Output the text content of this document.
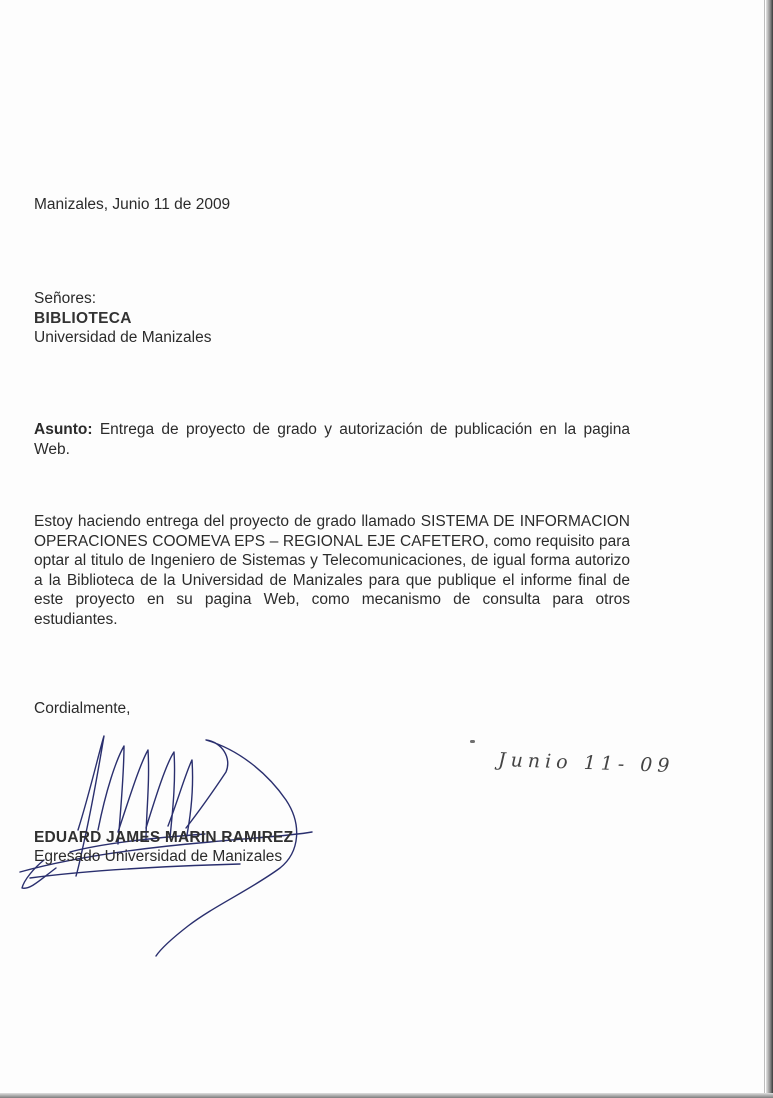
Manizales, Junio 11 de 2009

Señores:
BIBLIOTECA
Universidad de Manizales

Asunto: Entrega de proyecto de grado y autorización de publicación en la pagina Web.

Estoy haciendo entrega del proyecto de grado llamado SISTEMA DE INFORMACION OPERACIONES COOMEVA EPS – REGIONAL EJE CAFETERO, como requisito para optar al titulo de Ingeniero de Sistemas y Telecomunicaciones, de igual forma autorizo a la Biblioteca de la Universidad de Manizales para que publique el informe final de este proyecto en su pagina Web, como mecanismo de consulta para otros estudiantes.

Cordialmente,

EDUARD JAMES MARIN RAMIREZ
Egresado Universidad de Manizales
Junio 11- 09
